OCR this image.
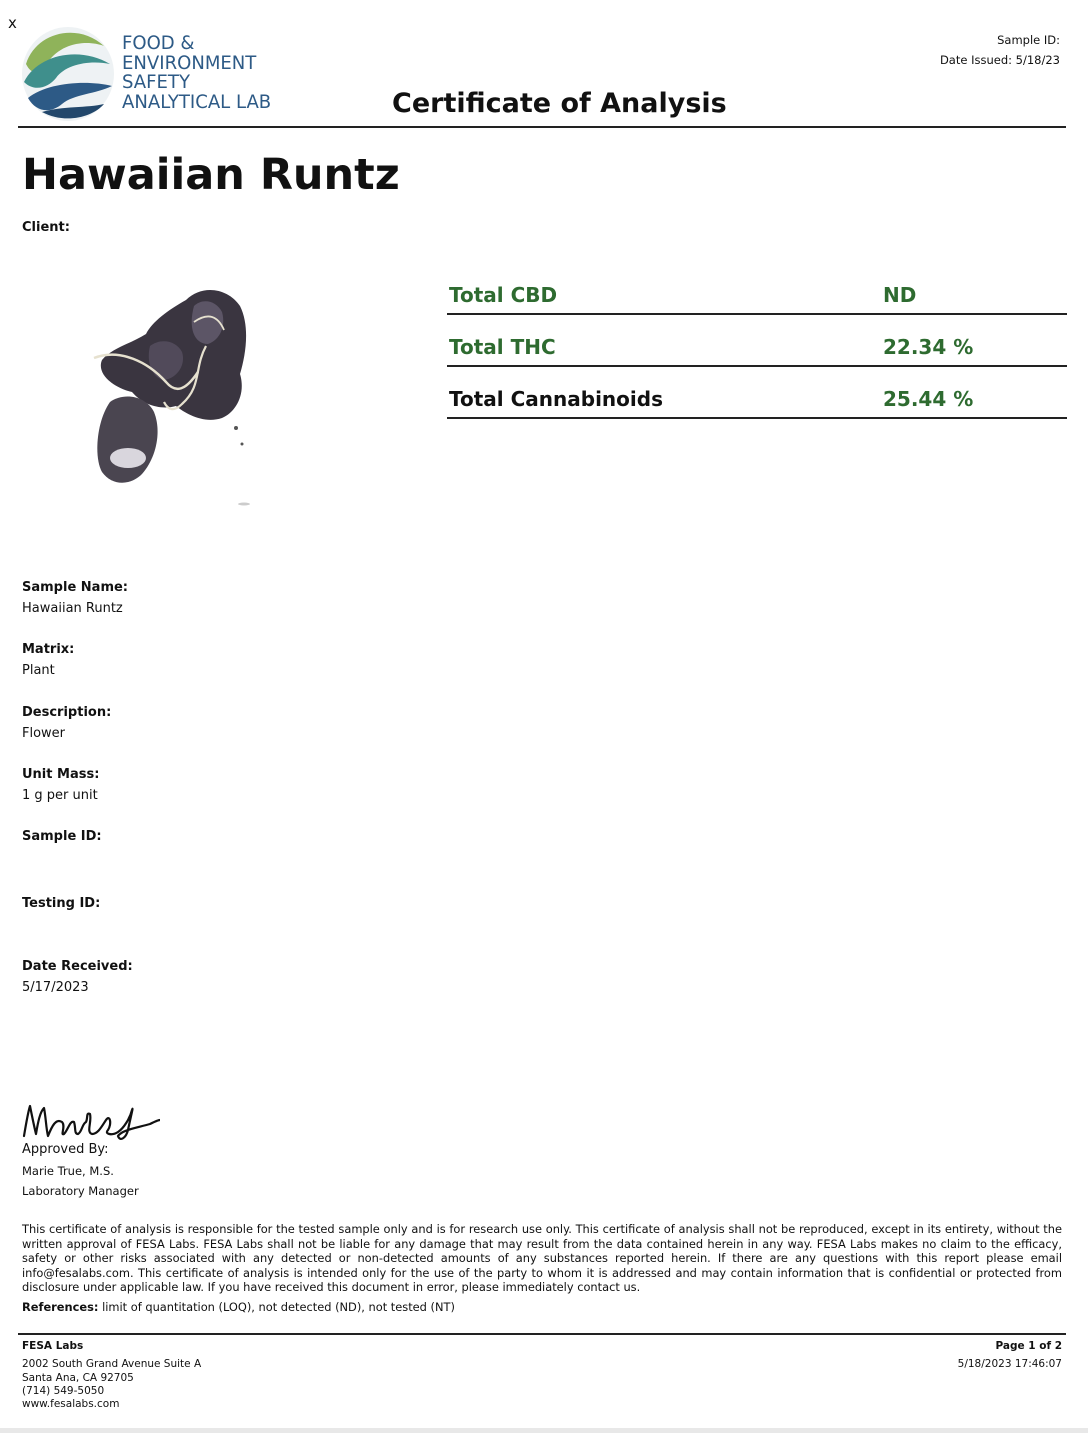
x
FOOD &
ENVIRONMENT
SAFETY
ANALYTICAL LAB
Sample ID:
Date Issued: 5/18/23
Certificate of Analysis
Hawaiian Runtz
Client:
Total CBD	ND
Total THC	22.34 %
Total Cannabinoids	25.44 %
Sample Name:
Hawaiian Runtz
Matrix:
Plant
Description:
Flower
Unit Mass:
1 g per unit
Sample ID:
Testing ID:
Date Received:
5/17/2023
Approved By:
Marie True, M.S.
Laboratory Manager
This certificate of analysis is responsible for the tested sample only and is for research use only. This certificate of analysis shall not be reproduced, except in its entirety, without the written approval of FESA Labs. FESA Labs shall not be liable for any damage that may result from the data contained herein in any way. FESA Labs makes no claim to the efficacy, safety or other risks associated with any detected or non-detected amounts of any substances reported herein. If there are any questions with this report please email info@fesalabs.com. This certificate of analysis is intended only for the use of the party to whom it is addressed and may contain information that is confidential or protected from disclosure under applicable law. If you have received this document in error, please immediately contact us.
References: limit of quantitation (LOQ), not detected (ND), not tested (NT)
FESA Labs
2002 South Grand Avenue Suite A
Santa Ana, CA 92705
(714) 549-5050
www.fesalabs.com
Page 1 of 2
5/18/2023 17:46:07
